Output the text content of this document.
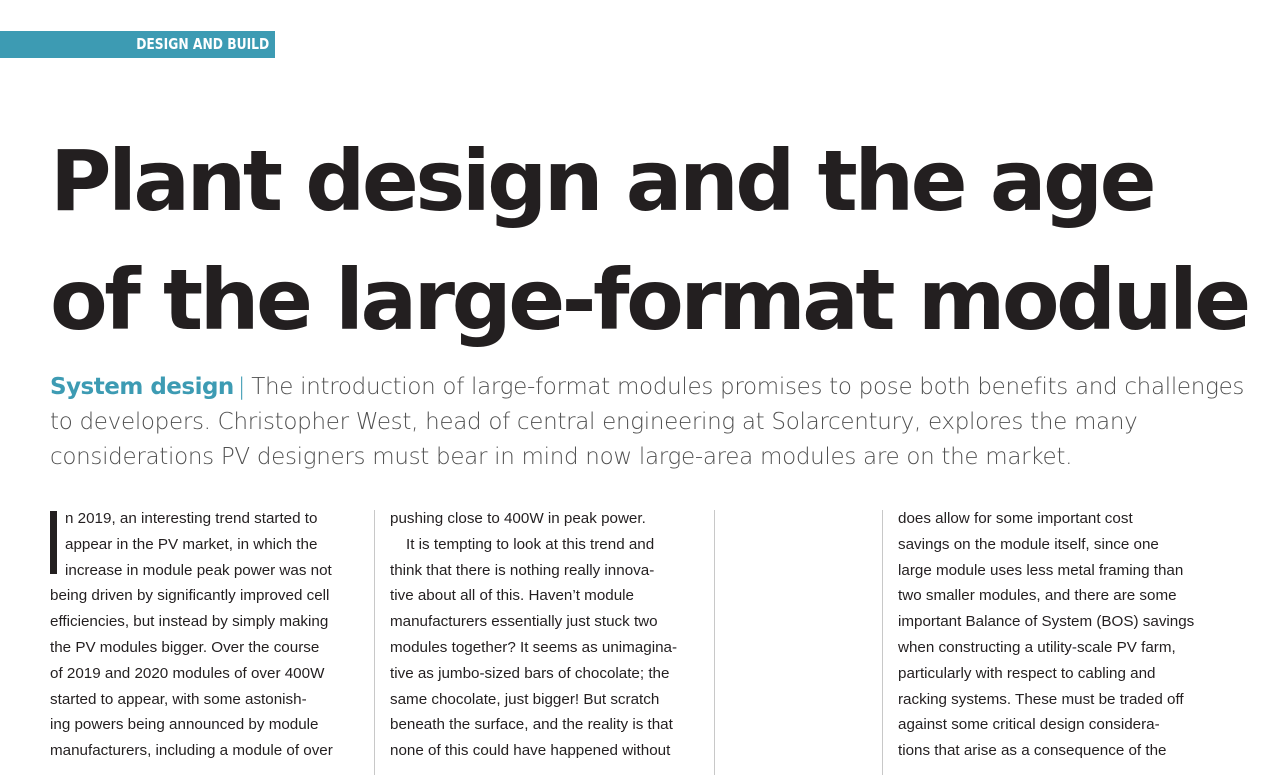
DESIGN AND BUILD
Plant design and the age of the large-format module

System design | The introduction of large-format modules promises to pose both benefits and challenges to developers. Christopher West, head of central engineering at Solarcentury, explores the many considerations PV designers must bear in mind now large-area modules are on the market.

n 2019, an interesting trend started to
appear in the PV market, in which the
increase in module peak power was not
being driven by significantly improved cell
efficiencies, but instead by simply making
the PV modules bigger. Over the course
of 2019 and 2020 modules of over 400W
started to appear, with some astonish-
ing powers being announced by module
manufacturers, including a module of over
pushing close to 400W in peak power.
It is tempting to look at this trend and
think that there is nothing really innova-
tive about all of this. Haven’t module
manufacturers essentially just stuck two
modules together? It seems as unimagina-
tive as jumbo-sized bars of chocolate; the
same chocolate, just bigger! But scratch
beneath the surface, and the reality is that
none of this could have happened without
does allow for some important cost
savings on the module itself, since one
large module uses less metal framing than
two smaller modules, and there are some
important Balance of System (BOS) savings
when constructing a utility-scale PV farm,
particularly with respect to cabling and
racking systems. These must be traded off
against some critical design considera-
tions that arise as a consequence of the
